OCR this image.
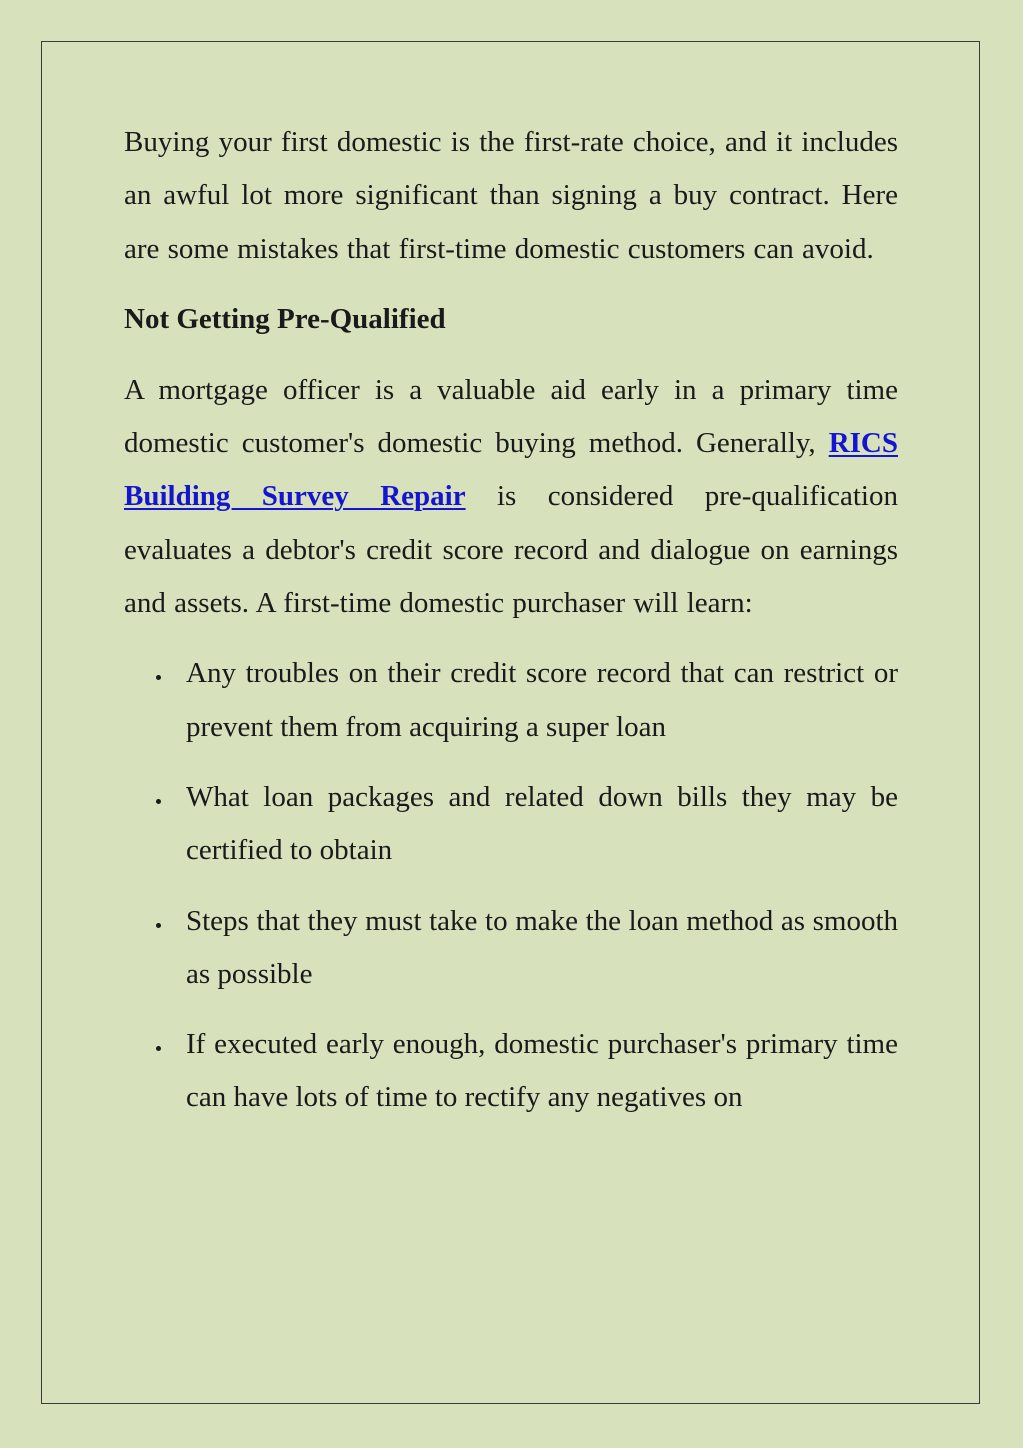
Buying your first domestic is the first-rate choice, and it includes an awful lot more significant than signing a buy contract. Here are some mistakes that first-time domestic customers can avoid.

Not Getting Pre-Qualified

A mortgage officer is a valuable aid early in a primary time domestic customer's domestic buying method. Generally, RICS Building Survey Repair is considered pre-qualification evaluates a debtor's credit score record and dialogue on earnings and assets. A first-time domestic purchaser will learn:

Any troubles on their credit score record that can restrict or prevent them from acquiring a super loan
What loan packages and related down bills they may be certified to obtain
Steps that they must take to make the loan method as smooth as possible
If executed early enough, domestic purchaser's primary time can have lots of time to rectify any negatives on
